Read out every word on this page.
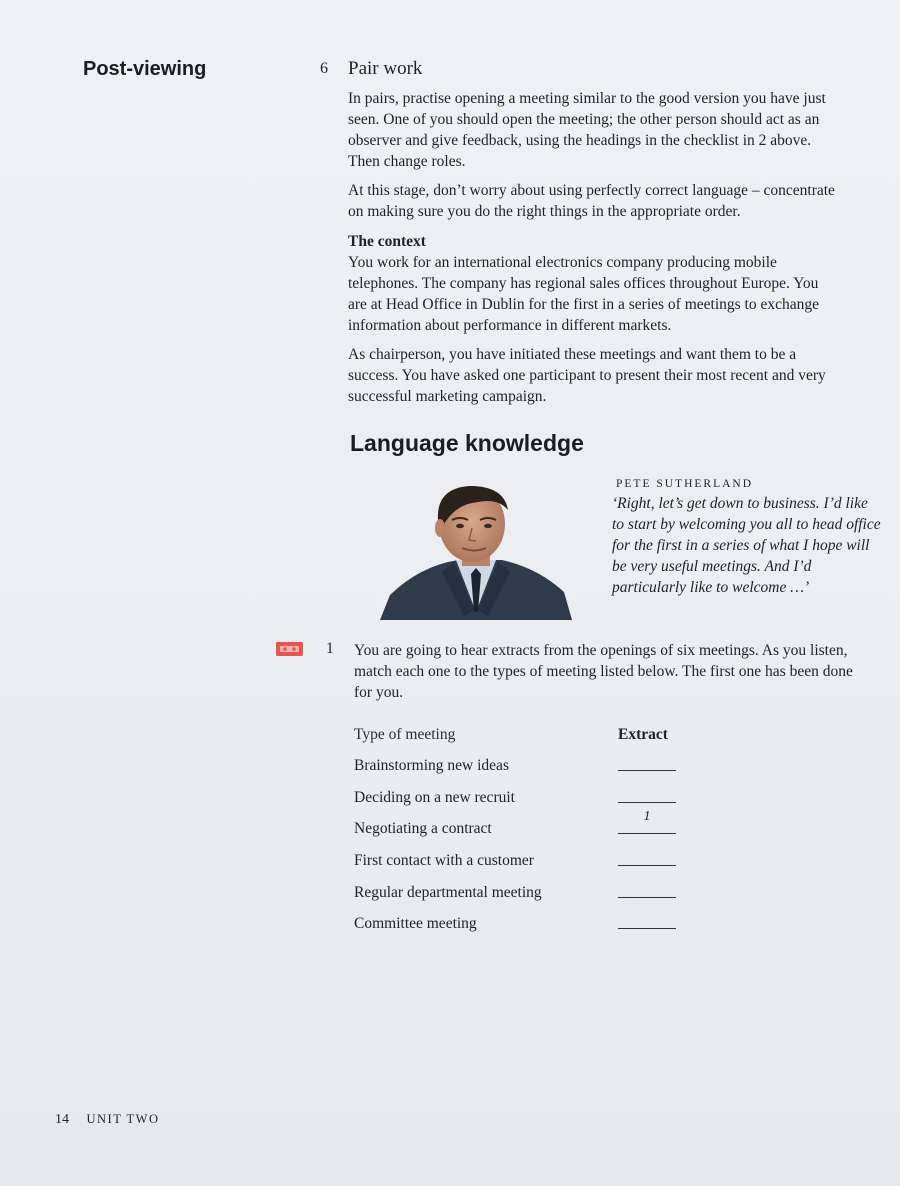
Post-viewing	6 Pair work

In pairs, practise opening a meeting similar to the good version you have just seen. One of you should open the meeting; the other person should act as an observer and give feedback, using the headings in the checklist in 2 above. Then change roles.

At this stage, don’t worry about using perfectly correct language – concentrate on making sure you do the right things in the appropriate order.

The context

You work for an international electronics company producing mobile telephones. The company has regional sales offices throughout Europe. You are at Head Office in Dublin for the first in a series of meetings to exchange information about performance in different markets.

As chairperson, you have initiated these meetings and want them to be a success. You have asked one participant to present their most recent and very successful marketing campaign.

Language knowledge

PETE SUTHERLAND

‘Right, let’s get down to business. I’d like to start by welcoming you all to head office for the first in a series of what I hope will be very useful meetings. And I’d particularly like to welcome …’

1 You are going to hear extracts from the openings of six meetings. As you listen, match each one to the types of meeting listed below. The first one has been done for you.

Type of meeting	Extract
Brainstorming new ideas
Deciding on a new recruit
Negotiating a contract
1
First contact with a customer
Regular departmental meeting
Committee meeting
14 UNIT TWO
